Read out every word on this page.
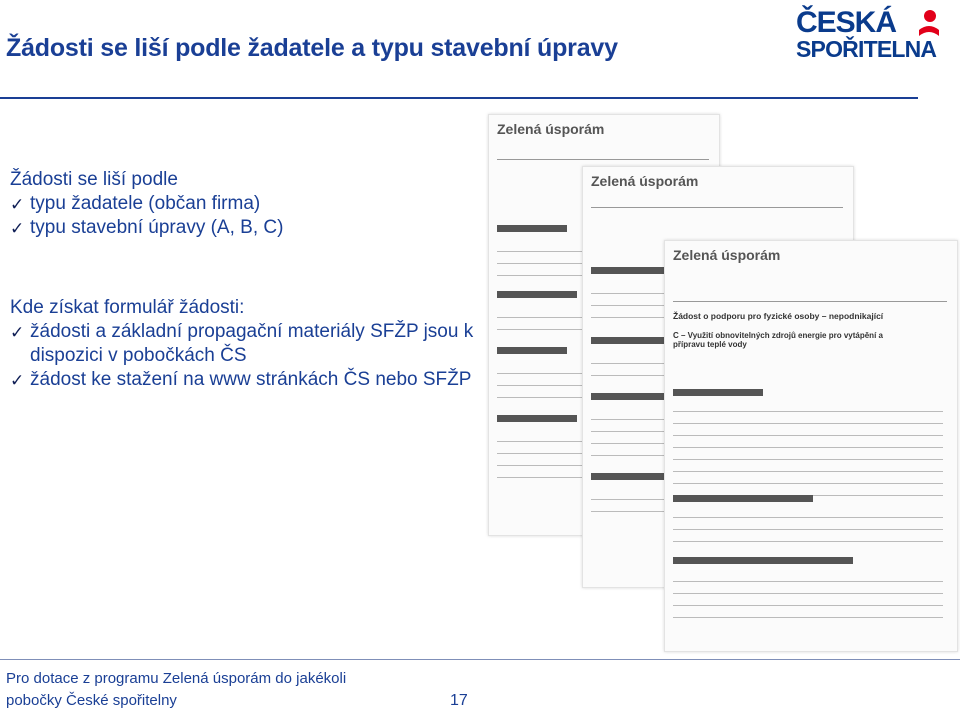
Žádosti se liší podle žadatele a typu stavební úpravy
ČESKÁ
SPOŘITELNA
Žádosti se liší podle
✓ typu žadatele (občan firma)
✓ typu stavební úpravy (A, B, C)
Kde získat formulář žádosti:
✓ žádosti a základní propagační materiály SFŽP jsou k dispozici v pobočkách ČS
✓ žádost ke stažení na www stránkách ČS nebo SFŽP
Zelená úsporám
Zelená úsporám
Zelená úsporám
Žádost o podporu pro fyzické osoby – nepodnikající
C – Využití obnovitelných zdrojů energie pro vytápění a přípravu teplé vody

Pro dotace z programu Zelená úsporám do jakékoli
pobočky České spořitelny	17
